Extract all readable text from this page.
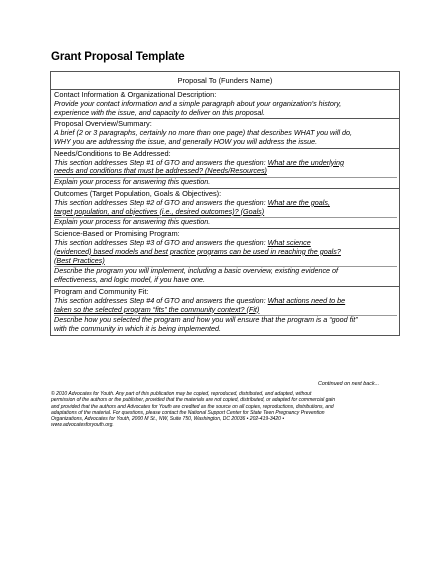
Grant Proposal Template
Proposal To (Funders Name)
Contact Information & Organizational Description:
Provide your contact information and a simple paragraph about your organization's history,
experience with the issue, and capacity to deliver on this proposal.
Proposal Overview/Summary:
A brief (2 or 3 paragraphs, certainly no more than one page) that describes WHAT you will do,
WHY you are addressing the issue, and generally HOW you will address the issue.
Needs/Conditions to Be Addressed:
This section addresses Step #1 of GTO and answers the question: What are the underlying
needs and conditions that must be addressed? (Needs/Resources)
Explain your process for answering this question.
Outcomes (Target Population, Goals & Objectives):
This section addresses Step #2 of GTO and answers the question: What are the goals,
target population, and objectives (i.e., desired outcomes)? (Goals)
Explain your process for answering this question.
Science-Based or Promising Program:
This section addresses Step #3 of GTO and answers the question: What science
(evidenced) based models and best practice programs can be used in reaching the goals?
(Best Practices)
Describe the program you will implement, including a basic overview, existing evidence of
effectiveness, and logic model, if you have one.
Program and Community Fit:
This section addresses Step #4 of GTO and answers the question: What actions need to be
taken so the selected program “fits” the community context? (Fit)
Describe how you selected the program and how you will ensure that the program is a “good fit”
with the community in which it is being implemented.
Continued on next back...
© 2010 Advocates for Youth. Any part of this publication may be copied, reproduced, distributed, and adapted, without
permission of the authors or the publisher, provided that the materials are not copied, distributed, or adapted for commercial gain
and provided that the authors and Advocates for Youth are credited as the source on all copies, reproductions, distributions, and
adaptations of the material. For questions, please contact the National Support Center for State Teen Pregnancy Prevention
Organizations, Advocates for Youth, 2000 M St., NW, Suite 750, Washington, DC 20036 • 202-419-3420 •
www.advocatesforyouth.org.
